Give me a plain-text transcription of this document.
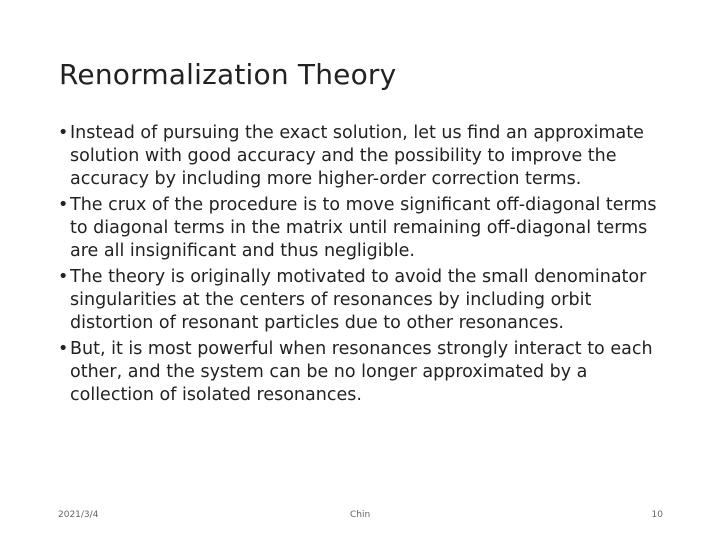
Renormalization Theory
• Instead of pursuing the exact solution, let us find an approximate solution with good accuracy and the possibility to improve the accuracy by including more higher-order correction terms.
• The crux of the procedure is to move significant off-diagonal terms to diagonal terms in the matrix until remaining off-diagonal terms are all insignificant and thus negligible.
• The theory is originally motivated to avoid the small denominator singularities at the centers of resonances by including orbit distortion of resonant particles due to other resonances.
• But, it is most powerful when resonances strongly interact to each other, and the system can be no longer approximated by a collection of isolated resonances.
2021/3/4	Chin	10
